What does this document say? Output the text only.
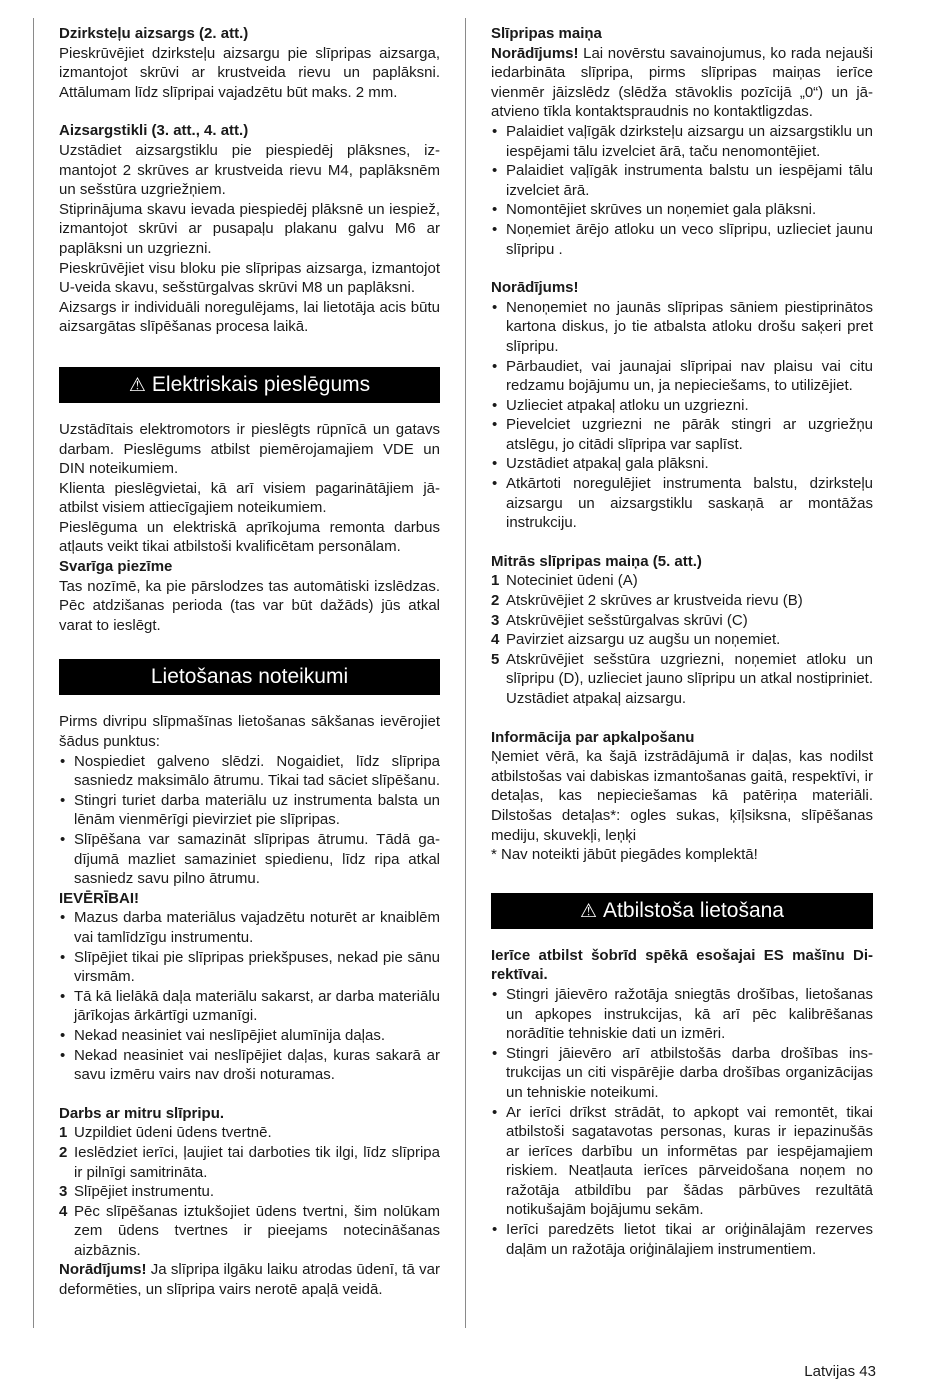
Dzirksteļu aizsargs (2. att.)

Pieskrūvējiet dzirksteļu aizsargu pie slīpripas aizsarga, izmantojot skrūvi ar krustveida rievu un paplāksni. Attālumam līdz slīpripai vajadzētu būt maks. 2 mm.

Aizsargstikli (3. att., 4. att.)

Uzstādiet aizsargstiklu pie piespiedēj plāksnes, izmantojot 2 skrūves ar krustveida rievu M4, paplāksnēm un sešstūra uzgriežņiem.

Stiprinājuma skavu ievada piespiedēj plāksnē un iespiež, izmantojot skrūvi ar pusapaļu plakanu galvu M6 ar paplāksni un uzgriezni.

Pieskrūvējiet visu bloku pie slīpripas aizsarga, izmantojot U-veida skavu, sešstūrgalvas skrūvi M8 un paplāksni.

Aizsargs ir individuāli noregulējams, lai lietotāja acis būtu aizsargātas slīpēšanas procesa laikā.

⚠ Elektriskais pieslēgums

Uzstādītais elektromotors ir pieslēgts rūpnīcā un gatavs darbam. Pieslēgums atbilst piemērojamajiem VDE un DIN noteikumiem.

Klienta pieslēgvietai, kā arī visiem pagarinātājiem jāatbilst visiem attiecīgajiem noteikumiem.

Pieslēguma un elektriskā aprīkojuma remonta darbus atļauts veikt tikai atbilstoši kvalificētam personālam.

Svarīga piezīme

Tas nozīmē, ka pie pārslodzes tas automātiski izslēdzas. Pēc atdzišanas perioda (tas var būt dažāds) jūs atkal varat to ieslēgt.

Lietošanas noteikumi

Pirms divripu slīpmašīnas lietošanas sākšanas ievērojiet šādus punktus:

• Nospiediet galveno slēdzi. Nogaidiet, līdz slīpripa sasniedz maksimālo ātrumu. Tikai tad sāciet slīpēšanu.
• Stingri turiet darba materiālu uz instrumenta balsta un lēnām vienmērīgi pievirziet pie slīpripas.
• Slīpēšana var samazināt slīpripas ātrumu. Tādā gadījumā mazliet samaziniet spiedienu, līdz ripa atkal sasniedz savu pilno ātrumu.

IEVĒRĪBAI!

• Mazus darba materiālus vajadzētu noturēt ar knaiblēm vai tamlīdzīgu instrumentu.
• Slīpējiet tikai pie slīpripas priekšpuses, nekad pie sānu virsmām.
• Tā kā lielākā daļa materiālu sakarst, ar darba materiālu jārīkojas ārkārtīgi uzmanīgi.
• Nekad neasiniet vai neslīpējiet alumīnija daļas.
• Nekad neasiniet vai neslīpējiet daļas, kuras sakarā ar savu izmēru vairs nav droši noturamas.

Darbs ar mitru slīpripu.

1 Uzpildiet ūdeni ūdens tvertnē.
2 Ieslēdziet ierīci, ļaujiet tai darboties tik ilgi, līdz slīpripa ir pilnīgi samitrināta.
3 Slīpējiet instrumentu.
4 Pēc slīpēšanas iztukšojiet ūdens tvertni, šim nolūkam zem ūdens tvertnes ir pieejams notecināšanas aizbāznis.

Norādījums! Ja slīpripa ilgāku laiku atrodas ūdenī, tā var deformēties, un slīpripa vairs nerotē apaļā veidā.

Slīpripas maiņa

Norādījums! Lai novērstu savainojumus, ko rada nejauši iedarbināta slīpripa, pirms slīpripas maiņas ierīce vienmēr jāizslēdz (slēdža stāvoklis pozīcijā „0“) un jāatvieno tīkla kontaktspraudnis no kontaktligzdas.

• Palaidiet vaļīgāk dzirksteļu aizsargu un aizsargstiklu un iespējami tālu izvelciet ārā, taču nenomontējiet.
• Palaidiet vaļīgāk instrumenta balstu un iespējami tālu izvelciet ārā.
• Nomontējiet skrūves un noņemiet gala plāksni.
• Noņemiet ārējo atloku un veco slīpripu, uzlieciet jaunu slīpripu .

Norādījums!

• Nenoņemiet no jaunās slīpripas sāniem piestiprinātos kartona diskus, jo tie atbalsta atloku drošu saķeri pret slīpripu.
• Pārbaudiet, vai jaunajai slīpripai nav plaisu vai citu redzamu bojājumu un, ja nepieciešams, to utilizējiet.
• Uzlieciet atpakaļ atloku un uzgriezni.
• Pievelciet uzgriezni ne pārāk stingri ar uzgriežņu atslēgu, jo citādi slīpripa var saplīst.
• Uzstādiet atpakaļ gala plāksni.
• Atkārtoti noregulējiet instrumenta balstu, dzirksteļu aizsargu un aizsargstiklu saskaņā ar montāžas instrukciju.

Mitrās slīpripas maiņa (5. att.)

1 Noteciniet ūdeni (A)
2 Atskrūvējiet 2 skrūves ar krustveida rievu (B)
3 Atskrūvējiet sešstūrgalvas skrūvi (C)
4 Pavirziet aizsargu uz augšu un noņemiet.
5 Atskrūvējiet sešstūra uzgriezni, noņemiet atloku un slīpripu (D), uzlieciet jauno slīpripu un atkal nostipriniet. Uzstādiet atpakaļ aizsargu.

Informācija par apkalpošanu

Ņemiet vērā, ka šajā izstrādājumā ir daļas, kas nodilst atbilstošas vai dabiskas izmantošanas gaitā, respektīvi, ir detaļas, kas nepieciešamas kā patēriņa materiāli. Dilstošas detaļas*: ogles sukas, ķīļsiksna, slīpēšanas mediju, skuvekļi, leņķi

* Nav noteikti jābūt piegādes komplektā!

⚠ Atbilstoša lietošana

Ierīce atbilst šobrīd spēkā esošajai ES mašīnu Direktīvai.

• Stingri jāievēro ražotāja sniegtās drošības, lietošanas un apkopes instrukcijas, kā arī pēc kalibrēšanas norādītie tehniskie dati un izmēri.
• Stingri jāievēro arī atbilstošās darba drošības instrukcijas un citi vispārējie darba drošības organizācijas un tehniskie noteikumi.
• Ar ierīci drīkst strādāt, to apkopt vai remontēt, tikai atbilstoši sagatavotas personas, kuras ir iepazinušās ar ierīces darbību un informētas par iespējamajiem riskiem. Neatļauta ierīces pārveidošana noņem no ražotāja atbildību par šādas pārbūves rezultātā notikušajām bojājumu sekām.
• Ierīci paredzēts lietot tikai ar oriģinālajām rezerves daļām un ražotāja oriģinālajiem instrumentiem.
Latvijas 43
